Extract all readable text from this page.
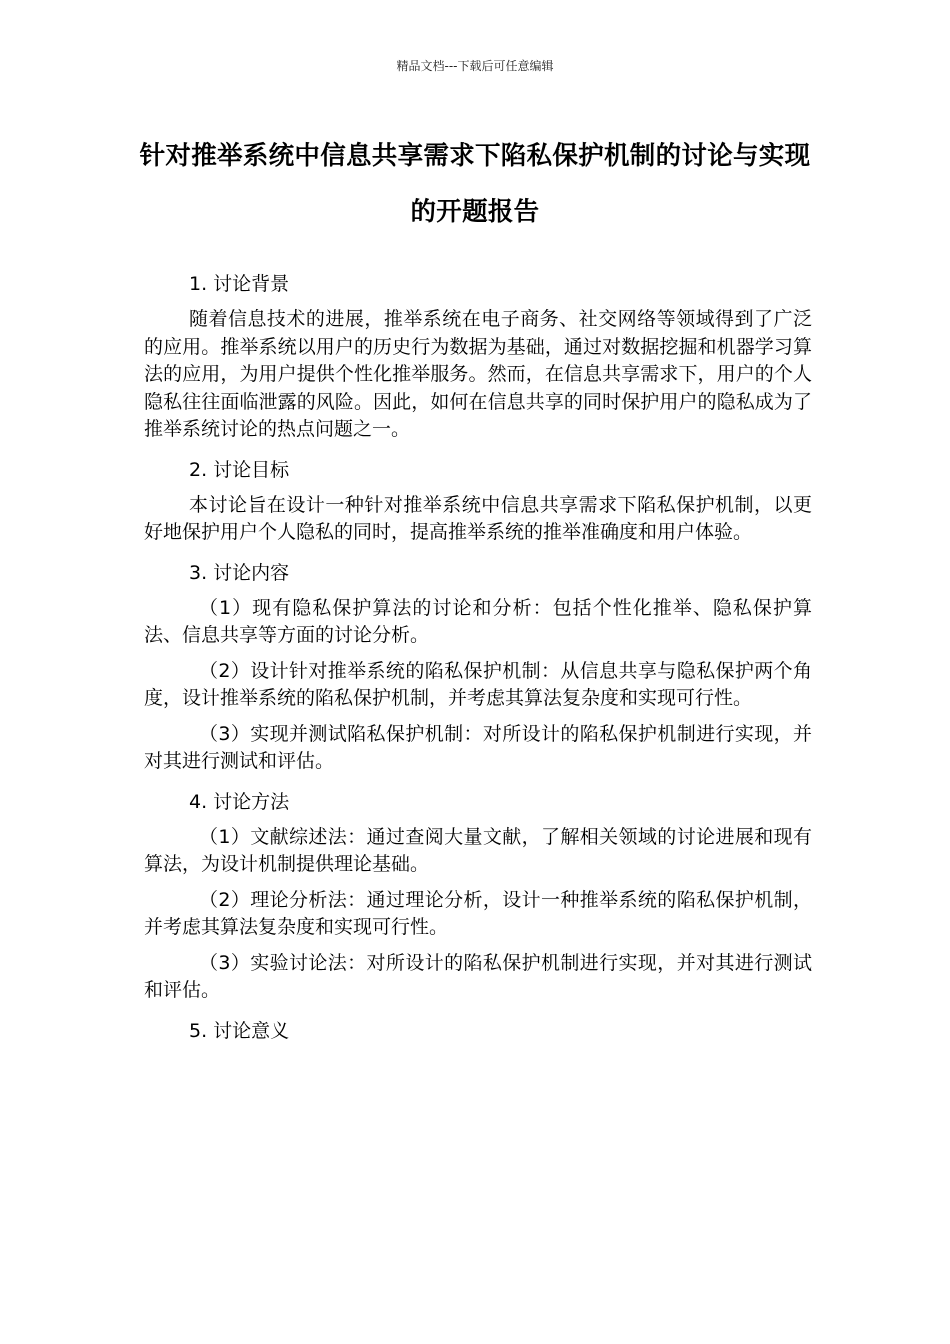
精品文档---下载后可任意编辑
针对推举系统中信息共享需求下陷私保护机制的讨论与实现的开题报告
1. 讨论背景

随着信息技术的进展，推举系统在电子商务、社交网络等领域得到了广泛的应用。推举系统以用户的历史行为数据为基础，通过对数据挖掘和机器学习算法的应用，为用户提供个性化推举服务。然而，在信息共享需求下，用户的个人隐私往往面临泄露的风险。因此，如何在信息共享的同时保护用户的隐私成为了推举系统讨论的热点问题之一。

2. 讨论目标

本讨论旨在设计一种针对推举系统中信息共享需求下陷私保护机制，以更好地保护用户个人隐私的同时，提高推举系统的推举准确度和用户体验。

3. 讨论内容

（1）现有隐私保护算法的讨论和分析：包括个性化推举、隐私保护算法、信息共享等方面的讨论分析。

（2）设计针对推举系统的陷私保护机制：从信息共享与隐私保护两个角度，设计推举系统的陷私保护机制，并考虑其算法复杂度和实现可行性。

（3）实现并测试陷私保护机制：对所设计的陷私保护机制进行实现，并对其进行测试和评估。

4. 讨论方法

（1）文献综述法：通过查阅大量文献，了解相关领域的讨论进展和现有算法，为设计机制提供理论基础。

（2）理论分析法：通过理论分析，设计一种推举系统的陷私保护机制，并考虑其算法复杂度和实现可行性。

（3）实验讨论法：对所设计的陷私保护机制进行实现，并对其进行测试和评估。

5. 讨论意义
